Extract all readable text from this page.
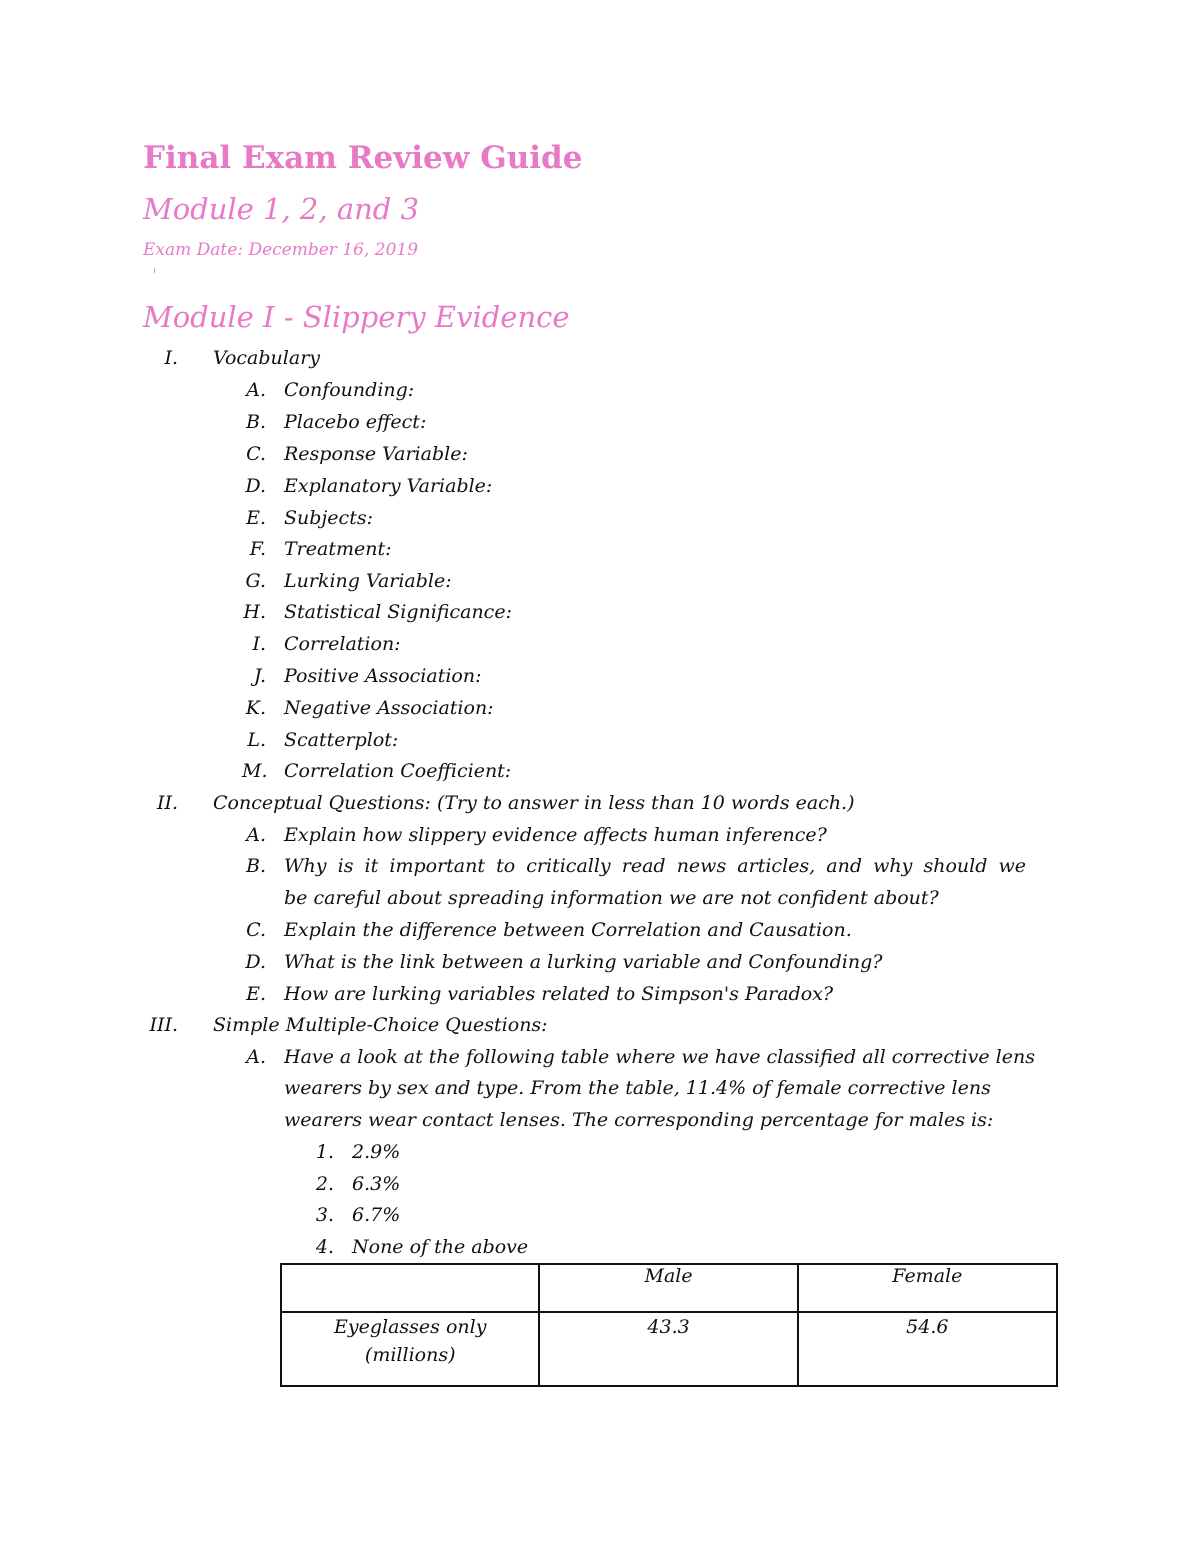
Final Exam Review Guide
Module 1, 2, and 3
Exam Date: December 16, 2019
Module I - Slippery Evidence
I. Vocabulary
A. Confounding:
B. Placebo effect:
C. Response Variable:
D. Explanatory Variable:
E. Subjects:
F. Treatment:
G. Lurking Variable:
H. Statistical Significance:
I. Correlation:
J. Positive Association:
K. Negative Association:
L. Scatterplot:
M. Correlation Coefficient:
II. Conceptual Questions: (Try to answer in less than 10 words each.)
A. Explain how slippery evidence affects human inference?
B. Why is it important to critically read news articles, and why should we
be careful about spreading information we are not confident about?
C. Explain the difference between Correlation and Causation.
D. What is the link between a lurking variable and Confounding?
E. How are lurking variables related to Simpson's Paradox?
III. Simple Multiple-Choice Questions:
A. Have a look at the following table where we have classified all corrective lens
wearers by sex and type. From the table, 11.4% of female corrective lens
wearers wear contact lenses. The corresponding percentage for males is:
1. 2.9%
2. 6.3%
3. 6.7%
4. None of the above
	Male	Female

Eyeglasses only
(millions)	43.3	54.6
